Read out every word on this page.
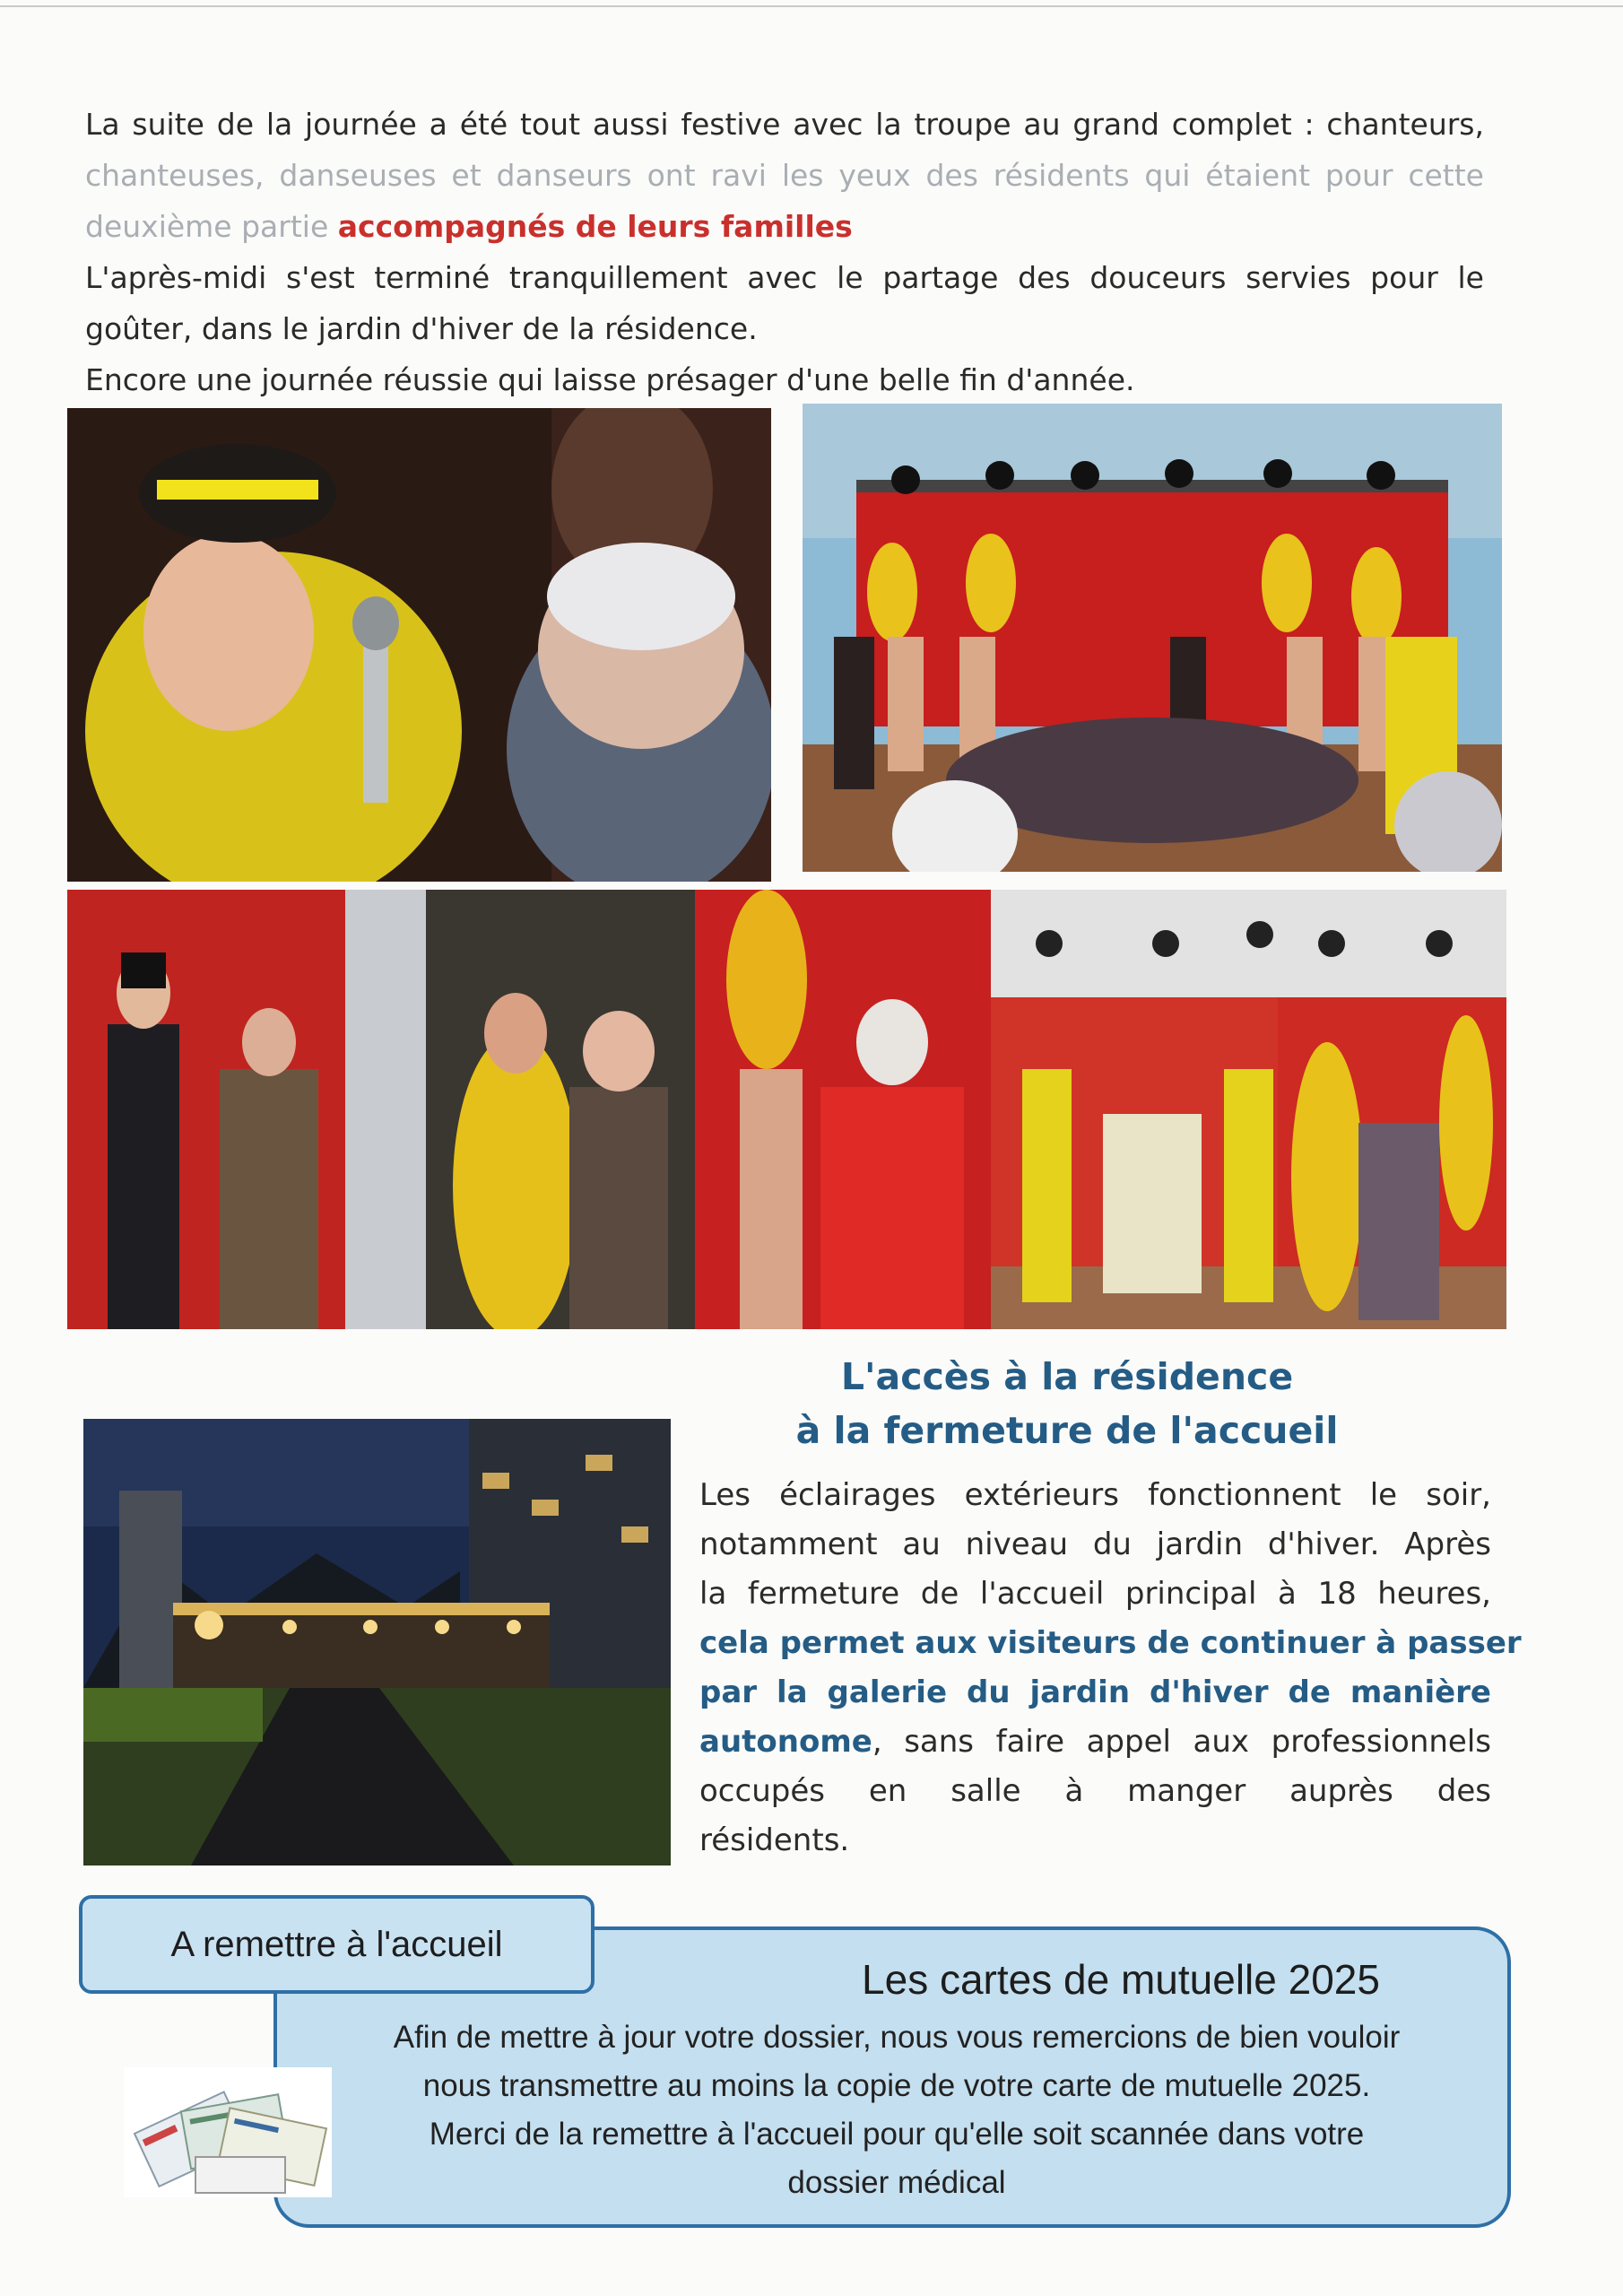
La suite de la journée a été tout aussi festive avec la troupe au grand complet : chanteurs,

chanteuses, danseuses et danseurs ont ravi les yeux des résidents qui étaient pour cette

deuxième partie accompagnés de leurs familles

L'après-midi s'est terminé tranquillement avec le partage des douceurs servies pour le

goûter, dans le jardin d'hiver de la résidence.

Encore une journée réussie qui laisse présager d'une belle fin d'année.

L'accès à la résidence
à la fermeture de l'accueil
Les éclairages extérieurs fonctionnent le soir,
notamment au niveau du jardin d'hiver. Après
la fermeture de l'accueil principal à 18 heures,
cela permet aux visiteurs de continuer à passer
par la galerie du jardin d'hiver de manière
autonome, sans faire appel aux professionnels
occupés en salle à manger auprès des
résidents.
A remettre à l'accueil
Les cartes de mutuelle 2025
Afin de mettre à jour votre dossier, nous vous remercions de bien vouloir
nous transmettre au moins la copie de votre carte de mutuelle 2025.
Merci de la remettre à l'accueil pour qu'elle soit scannée dans votre
dossier médical
